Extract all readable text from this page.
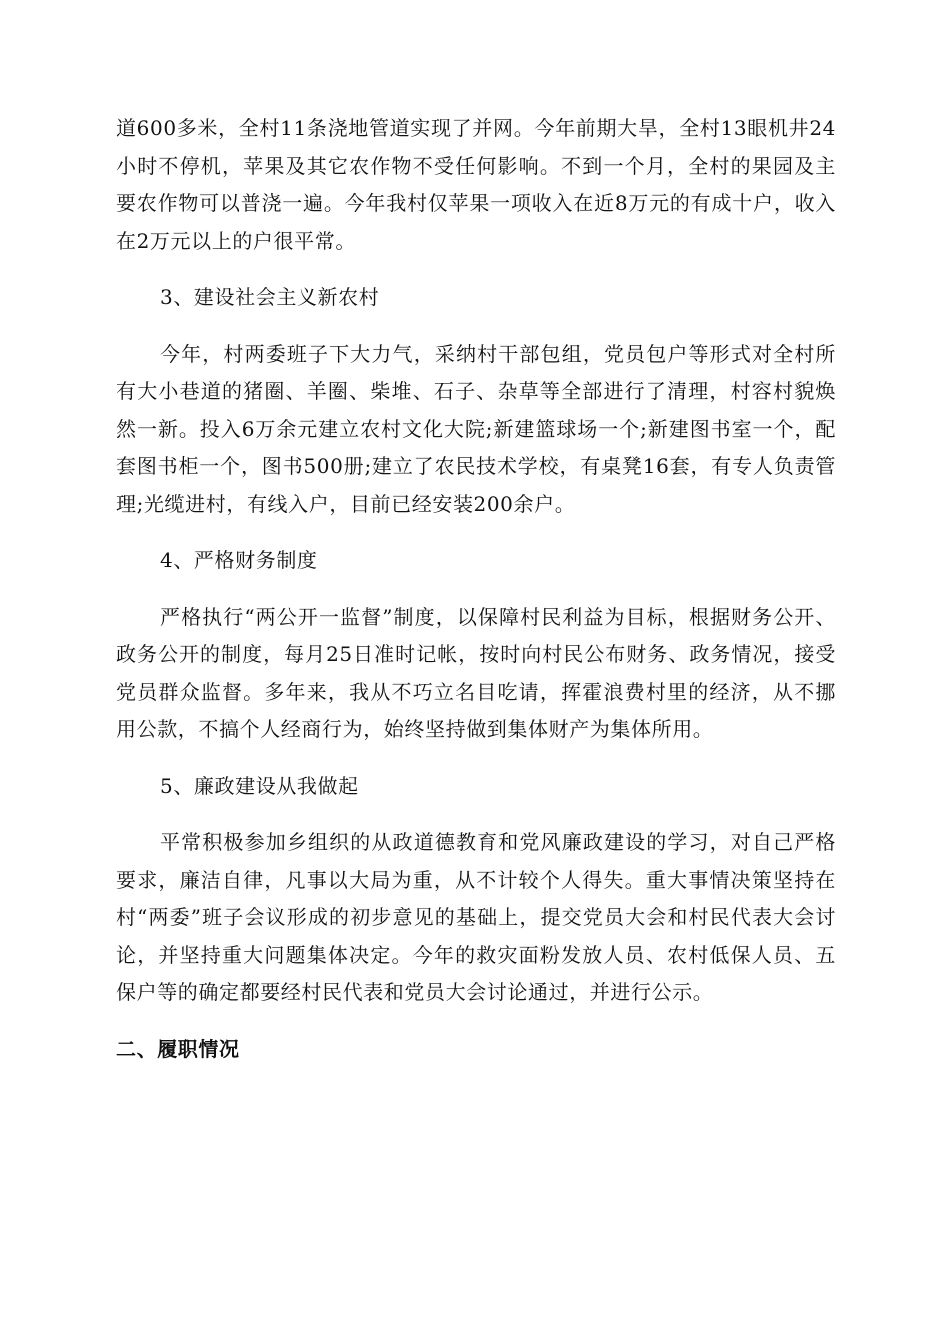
道600多米，全村11条浇地管道实现了并网。今年前期大旱，全村13眼机井24小时不停机，苹果及其它农作物不受任何影响。不到一个月，全村的果园及主要农作物可以普浇一遍。今年我村仅苹果一项收入在近8万元的有成十户，收入在2万元以上的户很平常。

3、建设社会主义新农村

今年，村两委班子下大力气，采纳村干部包组，党员包户等形式对全村所有大小巷道的猪圈、羊圈、柴堆、石子、杂草等全部进行了清理，村容村貌焕然一新。投入6万余元建立农村文化大院;新建篮球场一个;新建图书室一个，配套图书柜一个，图书500册;建立了农民技术学校，有桌凳16套，有专人负责管理;光缆进村，有线入户，目前已经安装200余户。

4、严格财务制度

严格执行“两公开一监督”制度，以保障村民利益为目标，根据财务公开、政务公开的制度，每月25日准时记帐，按时向村民公布财务、政务情况，接受党员群众监督。多年来，我从不巧立名目吃请，挥霍浪费村里的经济，从不挪用公款，不搞个人经商行为，始终坚持做到集体财产为集体所用。

5、廉政建设从我做起

平常积极参加乡组织的从政道德教育和党风廉政建设的学习，对自己严格要求，廉洁自律，凡事以大局为重，从不计较个人得失。重大事情决策坚持在村“两委”班子会议形成的初步意见的基础上，提交党员大会和村民代表大会讨论，并坚持重大问题集体决定。今年的救灾面粉发放人员、农村低保人员、五保户等的确定都要经村民代表和党员大会讨论通过，并进行公示。

二、履职情况
